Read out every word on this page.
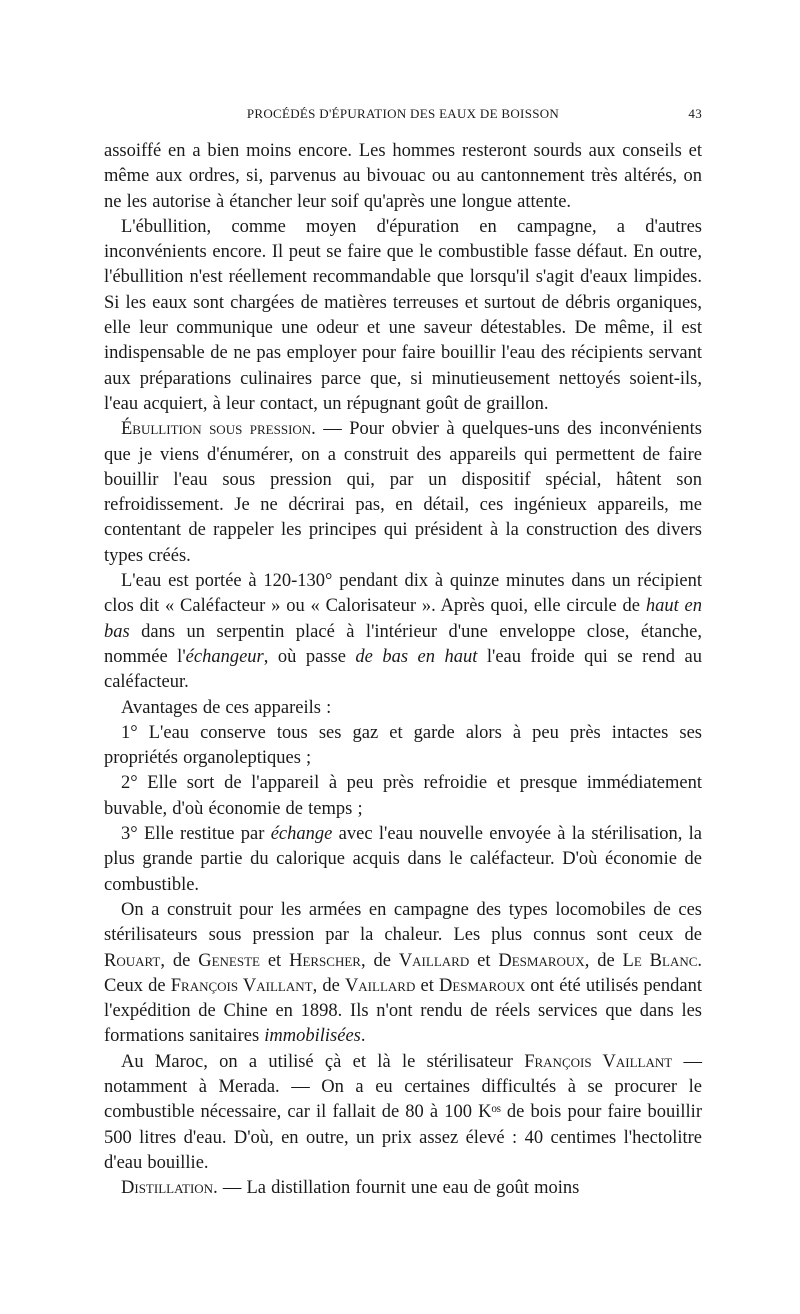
PROCÉDÉS D'ÉPURATION DES EAUX DE BOISSON	43

assoiffé en a bien moins encore. Les hommes resteront sourds aux conseils et même aux ordres, si, parvenus au bivouac ou au cantonnement très altérés, on ne les autorise à étancher leur soif qu'après une longue attente.

L'ébullition, comme moyen d'épuration en campagne, a d'autres inconvénients encore. Il peut se faire que le combustible fasse défaut. En outre, l'ébullition n'est réellement recommandable que lorsqu'il s'agit d'eaux limpides. Si les eaux sont chargées de matières terreuses et surtout de débris organiques, elle leur communique une odeur et une saveur détestables. De même, il est indispensable de ne pas employer pour faire bouillir l'eau des récipients servant aux préparations culinaires parce que, si minutieusement nettoyés soient-ils, l'eau acquiert, à leur contact, un répugnant goût de graillon.

Ébullition sous pression. — Pour obvier à quelques-uns des inconvénients que je viens d'énumérer, on a construit des appareils qui permettent de faire bouillir l'eau sous pression qui, par un dispositif spécial, hâtent son refroidissement. Je ne décrirai pas, en détail, ces ingénieux appareils, me contentant de rappeler les principes qui président à la construction des divers types créés.

L'eau est portée à 120-130° pendant dix à quinze minutes dans un récipient clos dit « Caléfacteur » ou « Calorisateur ». Après quoi, elle circule de haut en bas dans un serpentin placé à l'intérieur d'une enveloppe close, étanche, nommée l'échangeur, où passe de bas en haut l'eau froide qui se rend au caléfacteur.

Avantages de ces appareils :

1° L'eau conserve tous ses gaz et garde alors à peu près intactes ses propriétés organoleptiques ;

2° Elle sort de l'appareil à peu près refroidie et presque immédiatement buvable, d'où économie de temps ;

3° Elle restitue par échange avec l'eau nouvelle envoyée à la stérilisation, la plus grande partie du calorique acquis dans le caléfacteur. D'où économie de combustible.

On a construit pour les armées en campagne des types locomobiles de ces stérilisateurs sous pression par la chaleur. Les plus connus sont ceux de Rouart, de Geneste et Herscher, de Vaillard et Desmaroux, de Le Blanc. Ceux de François Vaillant, de Vaillard et Desmaroux ont été utilisés pendant l'expédition de Chine en 1898. Ils n'ont rendu de réels services que dans les formations sanitaires immobilisées.

Au Maroc, on a utilisé çà et là le stérilisateur François Vaillant — notamment à Merada. — On a eu certaines difficultés à se procurer le combustible nécessaire, car il fallait de 80 à 100 Kᵒˢ de bois pour faire bouillir 500 litres d'eau. D'où, en outre, un prix assez élevé : 40 centimes l'hectolitre d'eau bouillie.

Distillation. — La distillation fournit une eau de goût moins
